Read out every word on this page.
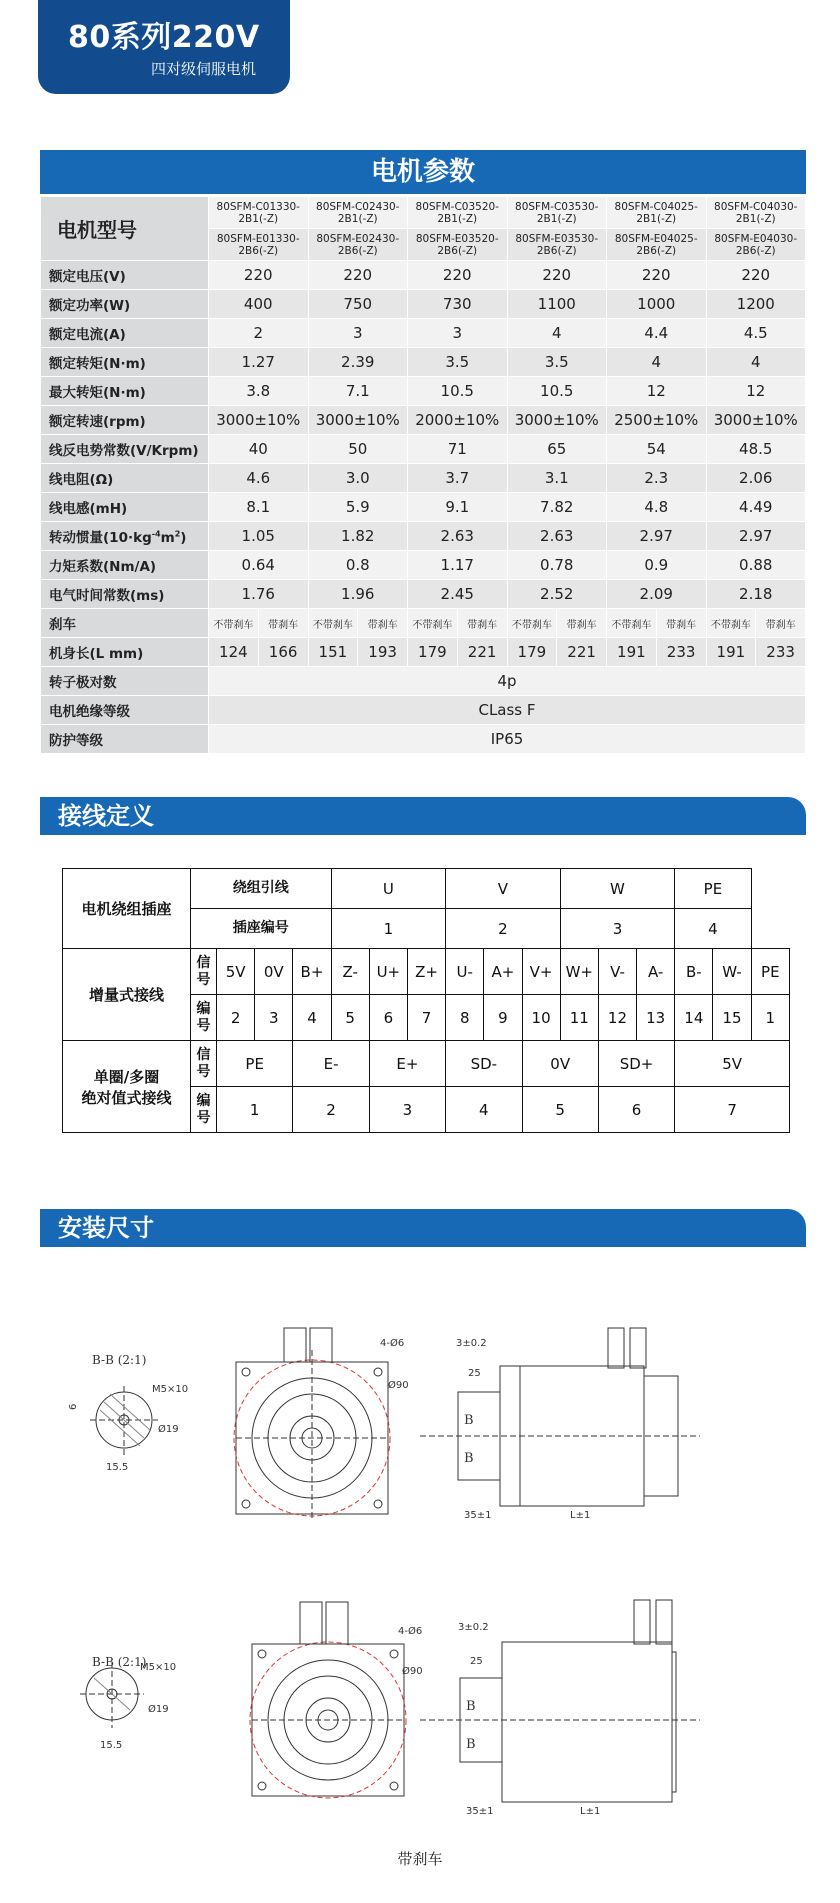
80系列220V
四对级伺服电机
电机参数
电机型号	80SFM-C01330-2B1(-Z)		80SFM-C02430-2B1(-Z)		80SFM-C03520-2B1(-Z)		80SFM-C03530-2B1(-Z)		80SFM-C04025-2B1(-Z)		80SFM-C04030-2B1(-Z)	
	80SFM-E01330-2B6(-Z)		80SFM-E02430-2B6(-Z)		80SFM-E03520-2B6(-Z)		80SFM-E03530-2B6(-Z)		80SFM-E04025-2B6(-Z)		80SFM-E04030-2B6(-Z)	
额定电压(V)	220		220		220		220		220		220	
额定功率(W)	400		750		730		1100		1000		1200	
额定电流(A)	2		3		3		4		4.4		4.5	
额定转矩(N·m)	1.27		2.39		3.5		3.5		4		4	
最大转矩(N·m)	3.8		7.1		10.5		10.5		12		12	
额定转速(rpm)	3000±10%		3000±10%		2000±10%		3000±10%		2500±10%		3000±10%	
线反电势常数(V/Krpm)	40		50		71		65		54		48.5	
线电阻(Ω)	4.6		3.0		3.7		3.1		2.3		2.06	
线电感(mH)	8.1		5.9		9.1		7.82		4.8		4.49	
转动惯量$(10\cdot kg^{-4}m^2)$	1.05		1.82		2.63		2.63		2.97		2.97	
力矩系数(Nm/A)	0.64		0.8		1.17		0.78		0.9		0.88	
电气时间常数(ms)	1.76		1.96		2.45		2.52		2.09		2.18	
刹车	不带刹车	带刹车	不带刹车	带刹车	不带刹车	带刹车	不带刹车	带刹车	不带刹车	带刹车	不带刹车	带刹车
机身长(L mm)	124	166	151	193	179	221	179	221	191	233	191	233
转子极对数	4p											
电机绝缘等级	CLass F											
防护等级	IP65											
接线定义
电机绕组插座	绕组引线				U			V			W			PE		
	插座编号				1			2			3			4		
增量式接线	信号	5V	0V	B+	Z-	U+	Z+	U-	A+	V+	W+	V-	A-	B-	W-	PE
	编号	2	3	4	5	6	7	8	9	10	11	12	13	14	15	1

单圈/多圈
绝对值式接线	信号	PE		E-		E+		SD-		0V		SD+		5V		
	编号	1		2		3		4		5		6		7		
安装尺寸
B-B (2:1)
M5×10
Ø19
15.5
6
4-Ø6
Ø90
3±0.2
25
B
B
35±1	L±1
B-B (2:1)
M5×10
Ø19
15.5
4-Ø6
Ø90
3±0.2
25
B
B
35±1	L±1
带刹车
